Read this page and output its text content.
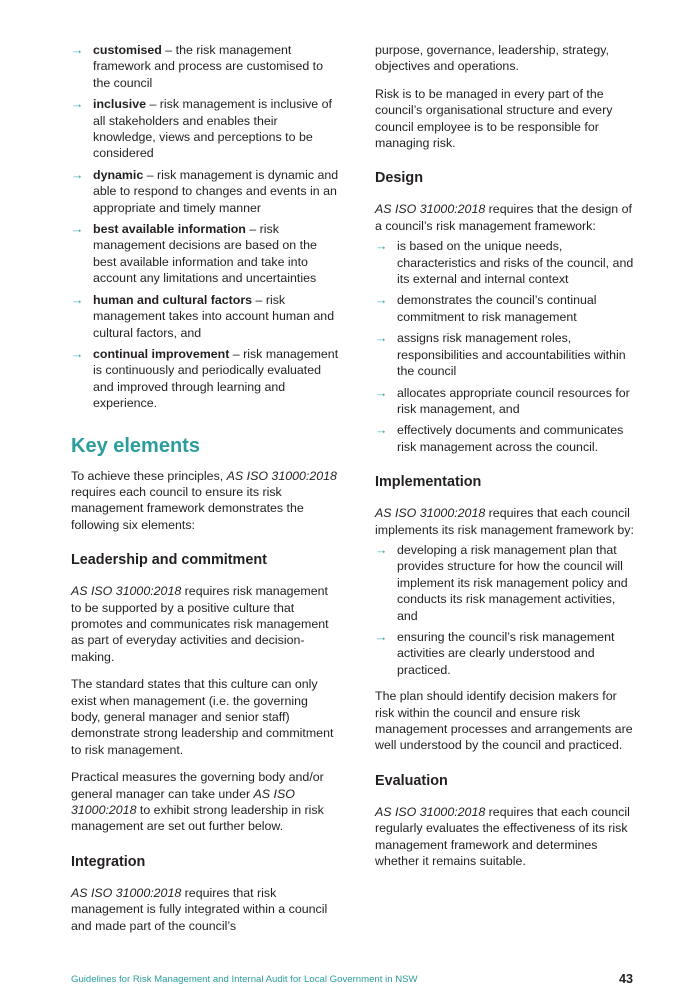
→ customised – the risk management framework and process are customised to the council
→ inclusive – risk management is inclusive of all stakeholders and enables their knowledge, views and perceptions to be considered
→ dynamic – risk management is dynamic and able to respond to changes and events in an appropriate and timely manner
→ best available information – risk management decisions are based on the best available information and take into account any limitations and uncertainties
→ human and cultural factors – risk management takes into account human and cultural factors, and
→ continual improvement – risk management is continuously and periodically evaluated and improved through learning and experience.
Key elements

To achieve these principles, AS ISO 31000:2018 requires each council to ensure its risk management framework demonstrates the following six elements:

Leadership and commitment

AS ISO 31000:2018 requires risk management to be supported by a positive culture that promotes and communicates risk management as part of everyday activities and decision-making.

The standard states that this culture can only exist when management (i.e. the governing body, general manager and senior staff) demonstrate strong leadership and commitment to risk management.

Practical measures the governing body and/or general manager can take under AS ISO 31000:2018 to exhibit strong leadership in risk management are set out further below.

Integration

AS ISO 31000:2018 requires that risk management is fully integrated within a council and made part of the council’s

purpose, governance, leadership, strategy, objectives and operations.

Risk is to be managed in every part of the council’s organisational structure and every council employee is to be responsible for managing risk.

Design

AS ISO 31000:2018 requires that the design of a council’s risk management framework:

→ is based on the unique needs, characteristics and risks of the council, and its external and internal context
→ demonstrates the council’s continual commitment to risk management
→ assigns risk management roles, responsibilities and accountabilities within the council
→ allocates appropriate council resources for risk management, and
→ effectively documents and communicates risk management across the council.
Implementation

AS ISO 31000:2018 requires that each council implements its risk management framework by:

→ developing a risk management plan that provides structure for how the council will implement its risk management policy and conducts its risk management activities, and
→ ensuring the council’s risk management activities are clearly understood and practiced.

The plan should identify decision makers for risk within the council and ensure risk management processes and arrangements are well understood by the council and practiced.

Evaluation

AS ISO 31000:2018 requires that each council regularly evaluates the effectiveness of its risk management framework and determines whether it remains suitable.

Guidelines for Risk Management and Internal Audit for Local Government in NSW	43
